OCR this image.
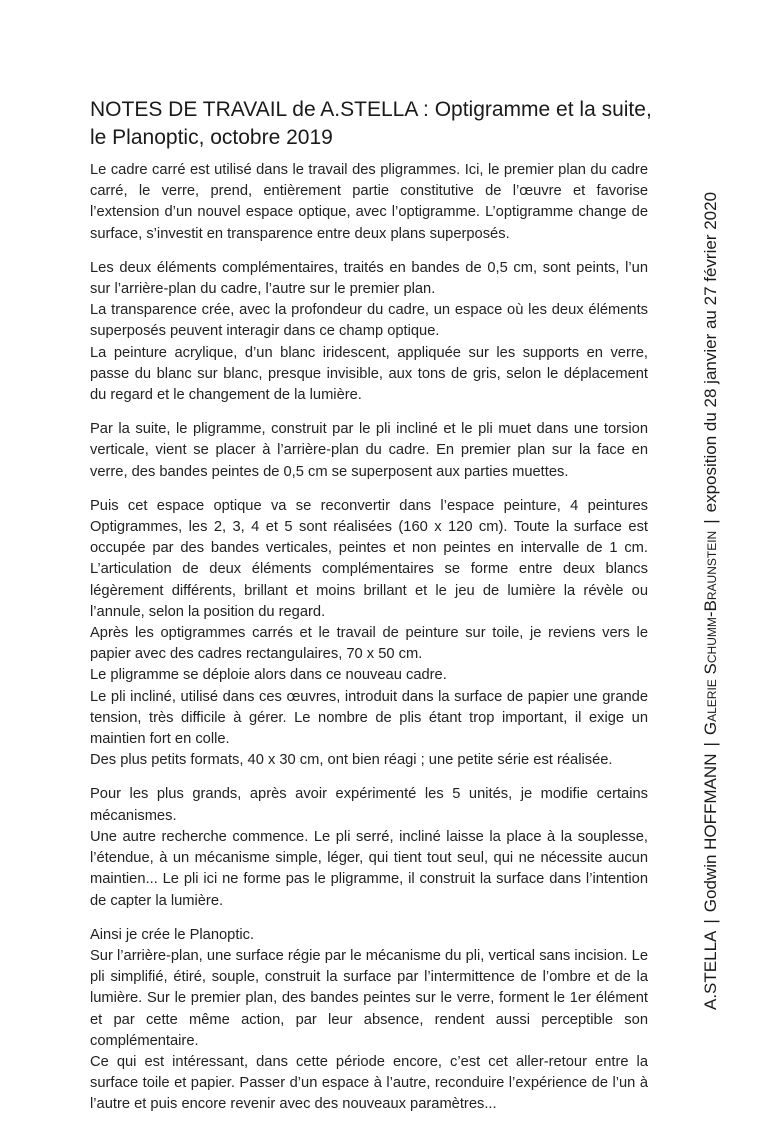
NOTES DE TRAVAIL de A.STELLA : Optigramme et la suite,
le Planoptic, octobre 2019

Le cadre carré est utilisé dans le travail des pligrammes. Ici, le premier plan du cadre carré, le verre, prend, entièrement partie constitutive de l’œuvre et favorise l’extension d’un nouvel espace optique, avec l’optigramme. L’optigramme change de surface, s’investit en transparence entre deux plans superposés.

Les deux éléments complémentaires, traités en bandes de 0,5 cm, sont peints, l’un sur l’arrière-plan du cadre, l’autre sur le premier plan.
La transparence crée, avec la profondeur du cadre, un espace où les deux éléments superposés peuvent interagir dans ce champ optique.
La peinture acrylique, d’un blanc iridescent, appliquée sur les supports en verre, passe du blanc sur blanc, presque invisible, aux tons de gris, selon le déplacement du regard et le changement de la lumière.

Par la suite, le pligramme, construit par le pli incliné et le pli muet dans une torsion verticale, vient se placer à l’arrière-plan du cadre. En premier plan sur la face en verre, des bandes peintes de 0,5 cm se superposent aux parties muettes.

Puis cet espace optique va se reconvertir dans l’espace peinture, 4 peintures Optigrammes, les 2, 3, 4 et 5 sont réalisées (160 x 120 cm). Toute la surface est occupée par des bandes verticales, peintes et non peintes en intervalle de 1 cm. L’articulation de deux éléments complémentaires se forme entre deux blancs légèrement différents, brillant et moins brillant et le jeu de lumière la révèle ou l’annule, selon la position du regard.
Après les optigrammes carrés et le travail de peinture sur toile, je reviens vers le papier avec des cadres rectangulaires, 70 x 50 cm.
Le pligramme se déploie alors dans ce nouveau cadre.
Le pli incliné, utilisé dans ces œuvres, introduit dans la surface de papier une grande tension, très difficile à gérer. Le nombre de plis étant trop important, il exige un maintien fort en colle.
Des plus petits formats, 40 x 30 cm, ont bien réagi ; une petite série est réalisée.

Pour les plus grands, après avoir expérimenté les 5 unités, je modifie certains mécanismes.
Une autre recherche commence. Le pli serré, incliné laisse la place à la souplesse, l’étendue, à un mécanisme simple, léger, qui tient tout seul, qui ne nécessite aucun maintien... Le pli ici ne forme pas le pligramme, il construit la surface dans l’intention de capter la lumière.

Ainsi je crée le Planoptic.
Sur l’arrière-plan, une surface régie par le mécanisme du pli, vertical sans incision. Le pli simplifié, étiré, souple, construit la surface par l’intermittence de l’ombre et de la lumière. Sur le premier plan, des bandes peintes sur le verre, forment le 1er élément et par cette même action, par leur absence, rendent aussi perceptible son complémentaire.
Ce qui est intéressant, dans cette période encore, c’est cet aller-retour entre la surface toile et papier. Passer d’un espace à l’autre, reconduire l’expérience de l’un à l’autre et puis encore revenir avec des nouveaux paramètres...

A.STELLA|Godwin HOFFMANN|Galerie Schumm-Braunstein|exposition du 28 janvier au 27 février 2020
